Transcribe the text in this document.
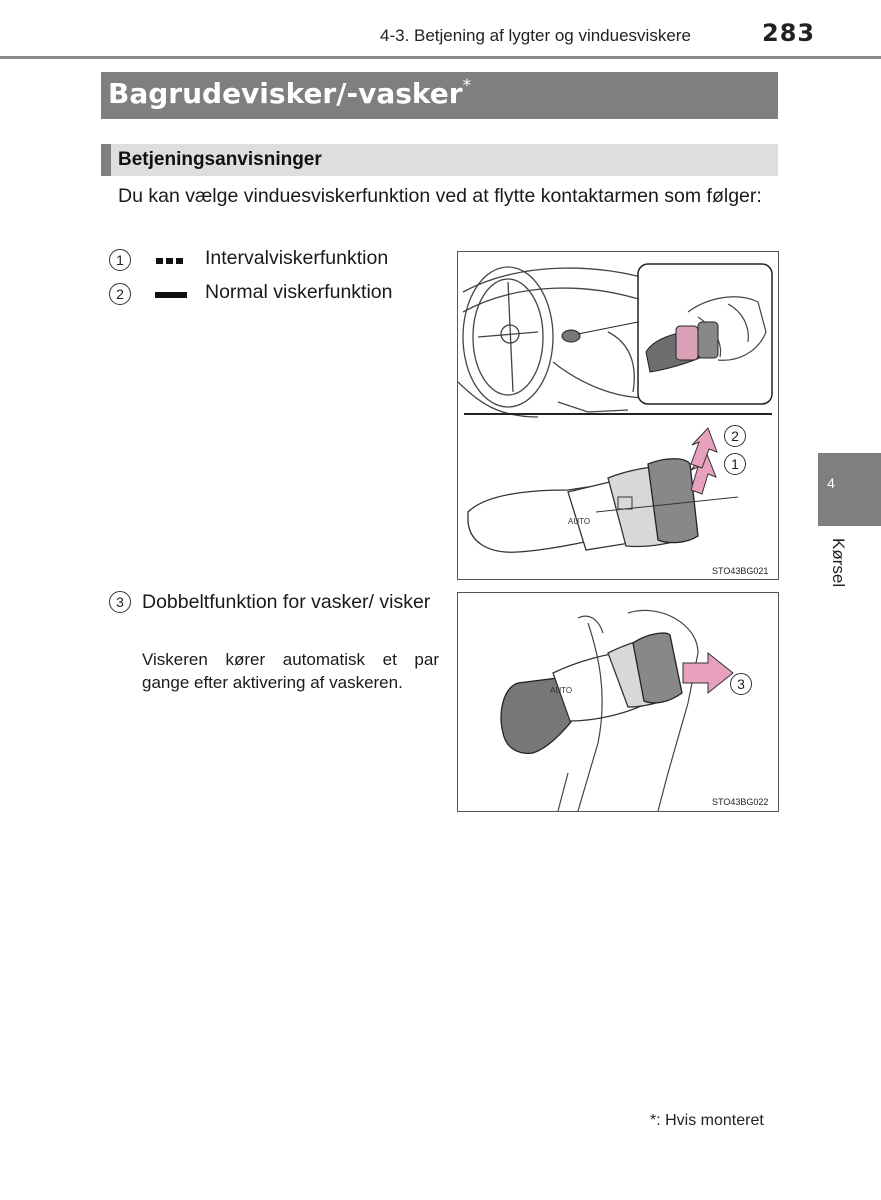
4-3. Betjening af lygter og vinduesviskere	283
Bagrudevisker/-vasker*
Betjeningsanvisninger
Du kan vælge vinduesviskerfunktion ved at flytte kontaktarmen som følger:
1	Intervalviskerfunktion
2	Normal viskerfunktion
3 Dobbeltfunktion for vasker/ visker
Viskeren kører automatisk et par gange efter aktivering af vaskeren.
AUTO
2
1
STO43BG021
AUTO	3
STO43BG022
4
Kørsel
*: Hvis monteret
